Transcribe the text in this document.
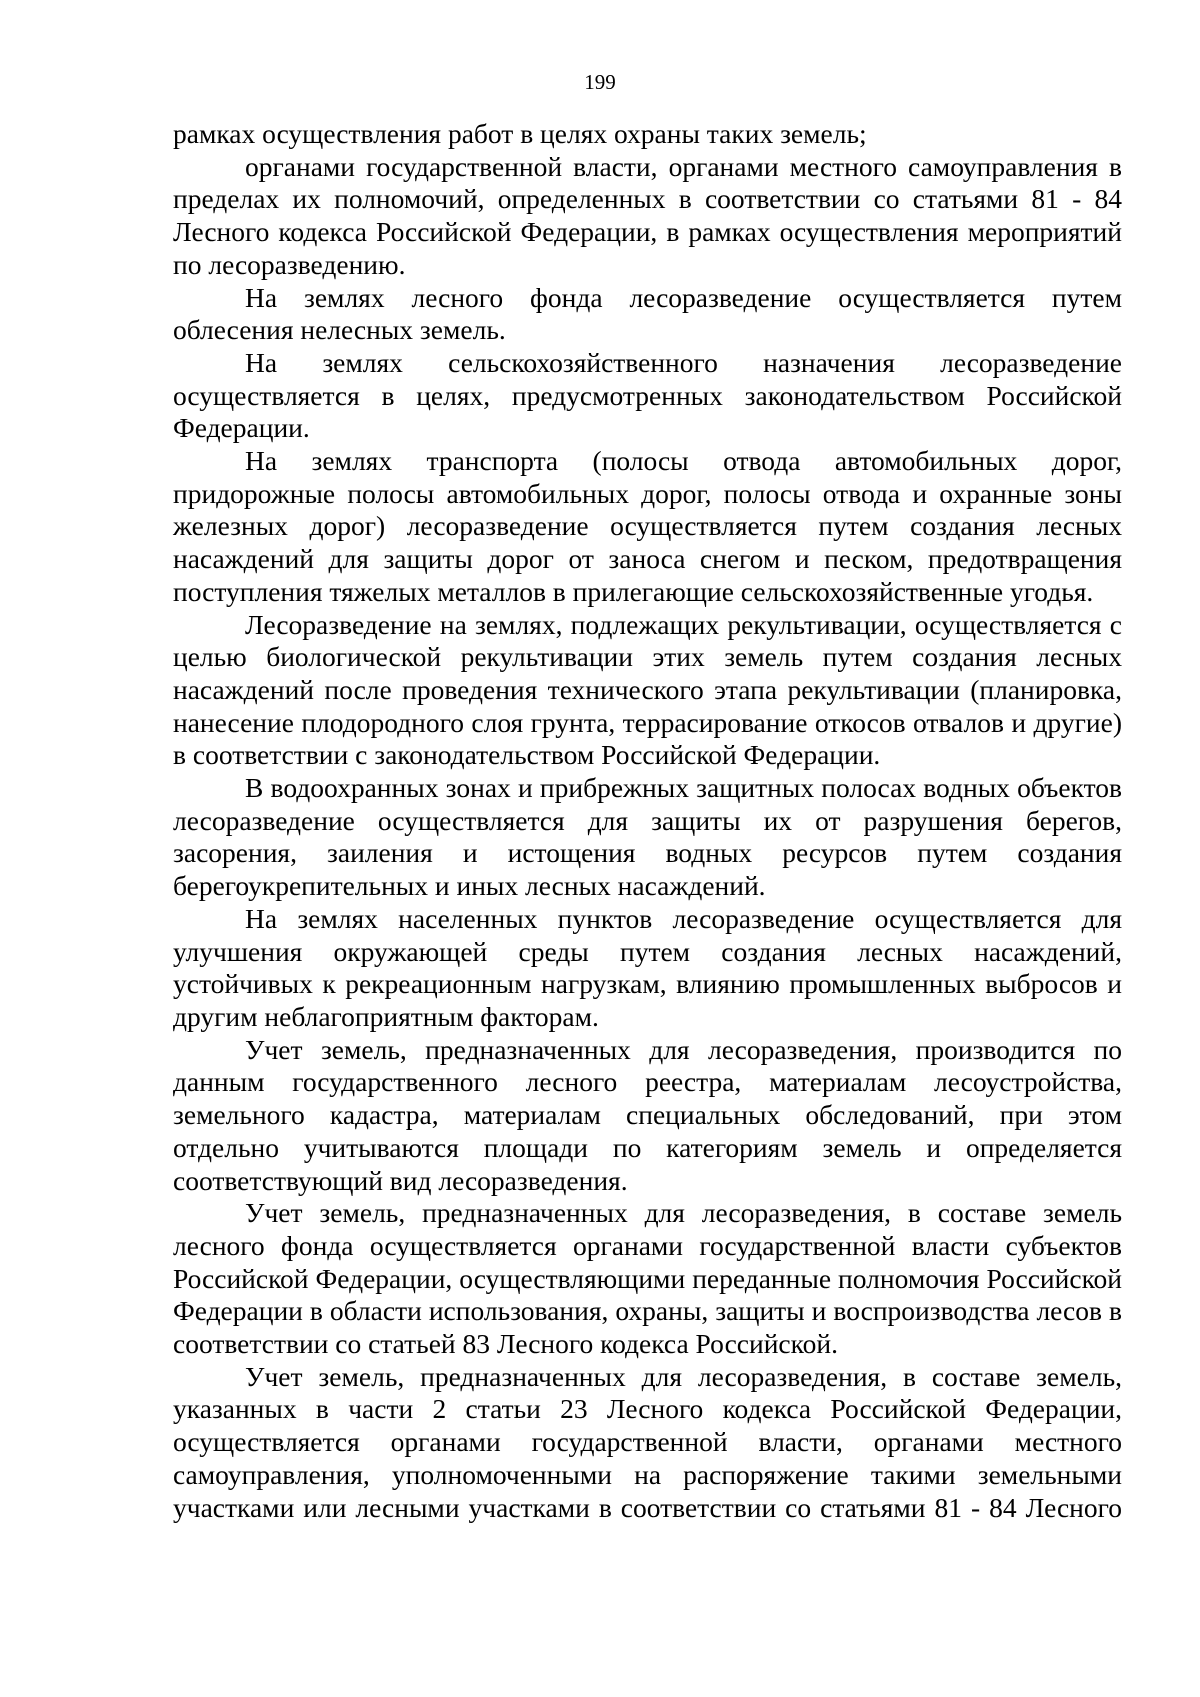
199

рамках осуществления работ в целях охраны таких земель;

органами государственной власти, органами местного самоуправления в пределах их полномочий, определенных в соответствии со статьями 81 - 84 Лесного кодекса Российской Федерации, в рамках осуществления мероприятий по лесоразведению.

На землях лесного фонда лесоразведение осуществляется путем облесения нелесных земель.

На землях сельскохозяйственного назначения лесоразведение осуществляется в целях, предусмотренных законодательством Российской Федерации.

На землях транспорта (полосы отвода автомобильных дорог, придорожные полосы автомобильных дорог, полосы отвода и охранные зоны железных дорог) лесоразведение осуществляется путем создания лесных насаждений для защиты дорог от заноса снегом и песком, предотвращения поступления тяжелых металлов в прилегающие сельскохозяйственные угодья.

Лесоразведение на землях, подлежащих рекультивации, осуществляется с целью биологической рекультивации этих земель путем создания лесных насаждений после проведения технического этапа рекультивации (планировка, нанесение плодородного слоя грунта, террасирование откосов отвалов и другие) в соответствии с законодательством Российской Федерации.

В водоохранных зонах и прибрежных защитных полосах водных объектов лесоразведение осуществляется для защиты их от разрушения берегов, засорения, заиления и истощения водных ресурсов путем создания берегоукрепительных и иных лесных насаждений.

На землях населенных пунктов лесоразведение осуществляется для улучшения окружающей среды путем создания лесных насаждений, устойчивых к рекреационным нагрузкам, влиянию промышленных выбросов и другим неблагоприятным факторам.

Учет земель, предназначенных для лесоразведения, производится по данным государственного лесного реестра, материалам лесоустройства, земельного кадастра, материалам специальных обследований, при этом отдельно учитываются площади по категориям земель и определяется соответствующий вид лесоразведения.

Учет земель, предназначенных для лесоразведения, в составе земель лесного фонда осуществляется органами государственной власти субъектов Российской Федерации, осуществляющими переданные полномочия Российской Федерации в области использования, охраны, защиты и воспроизводства лесов в соответствии со статьей 83 Лесного кодекса Российской.

Учет земель, предназначенных для лесоразведения, в составе земель, указанных в части 2 статьи 23 Лесного кодекса Российской Федерации, осуществляется органами государственной власти, органами местного самоуправления, уполномоченными на распоряжение такими земельными участками или лесными участками в соответствии со статьями 81 - 84 Лесного
